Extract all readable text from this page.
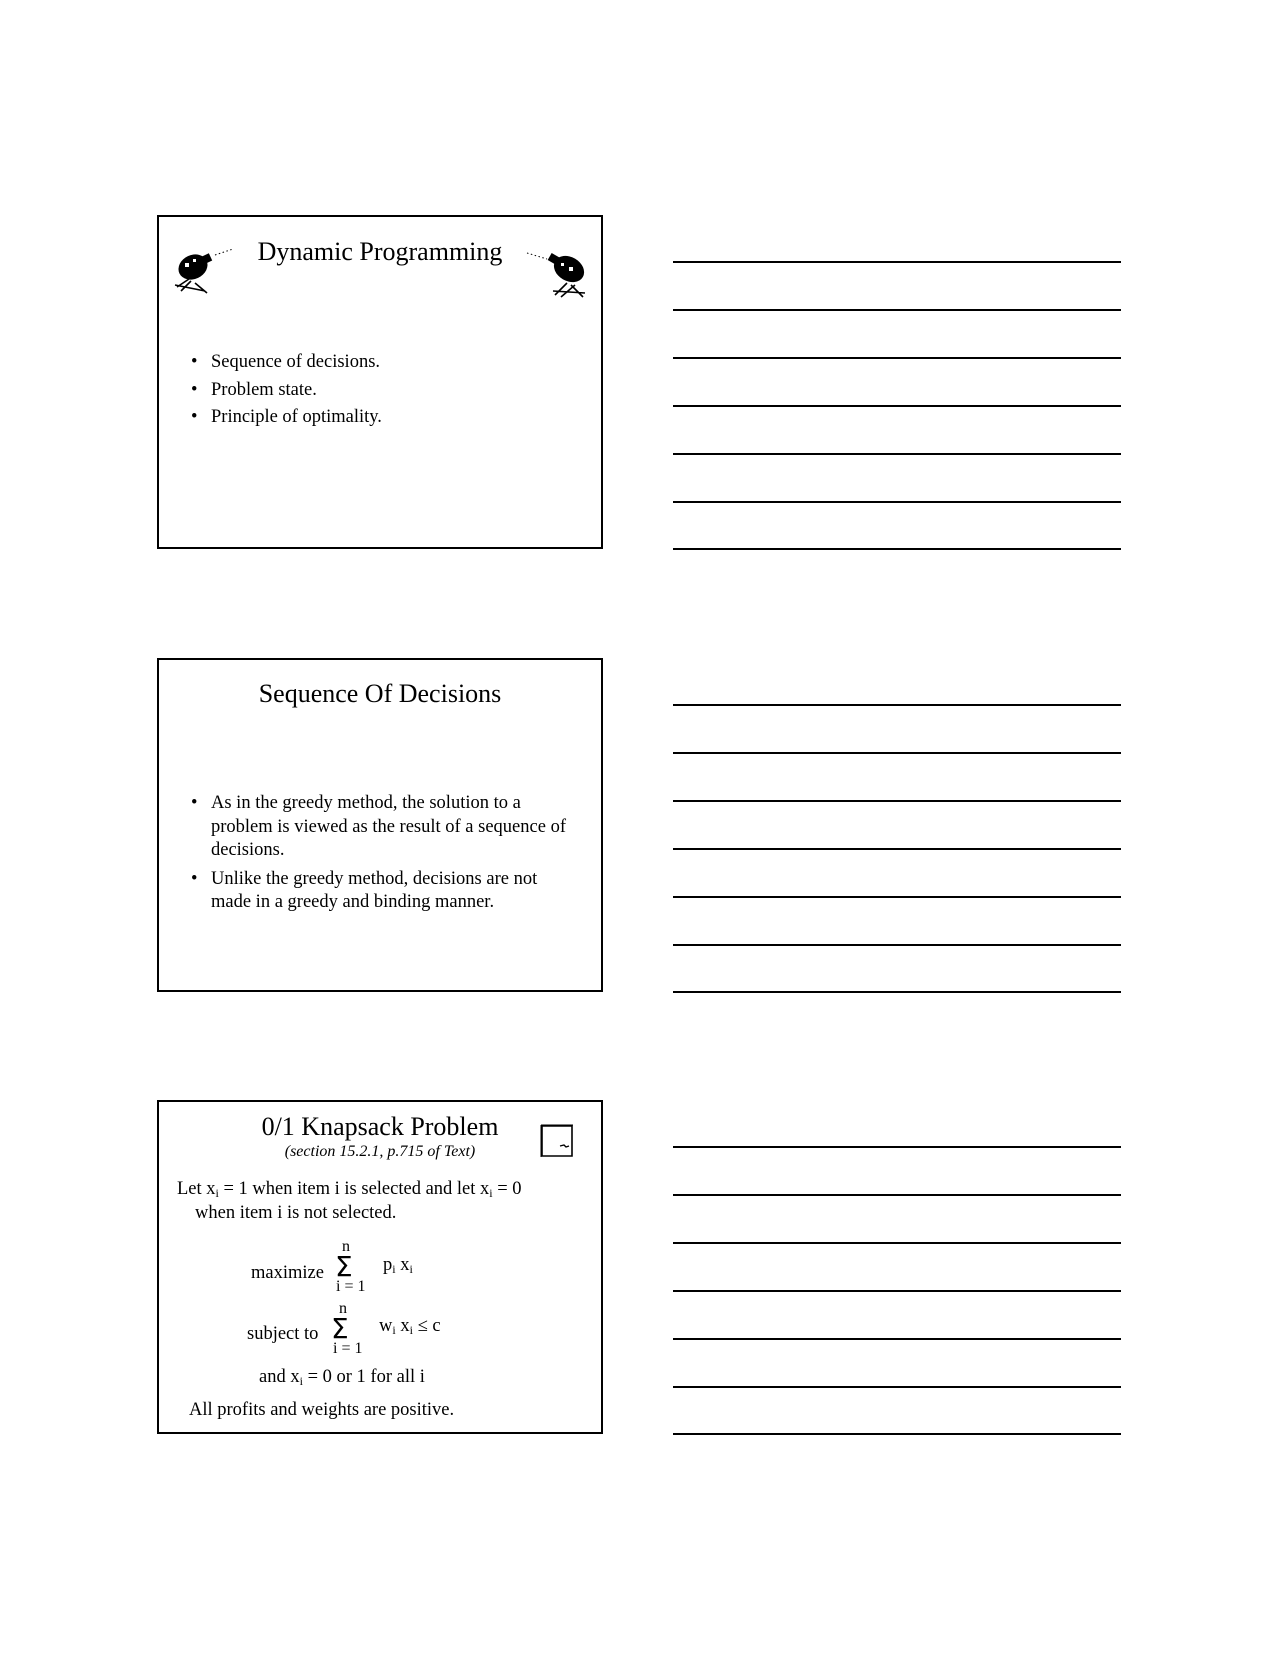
Dynamic Programming
• Sequence of decisions.
• Problem state.
• Principle of optimality.
Sequence Of Decisions
• As in the greedy method, the solution to a problem is viewed as the result of a sequence of decisions.
• Unlike the greedy method, decisions are not made in a greedy and binding manner.
0/1 Knapsack Problem
(section 15.2.1, p.715 of Text)
Let $x_i = 1$ when item i is selected and let $x_i = 0$
when item i is not selected.
maximize
n
Σ
i = 1
$p_i$ $x_i$
subject to
n
Σ
i = 1
$w_i$ $x_i \le c$
and $x_i = 0$ or 1 for all i
All profits and weights are positive.
